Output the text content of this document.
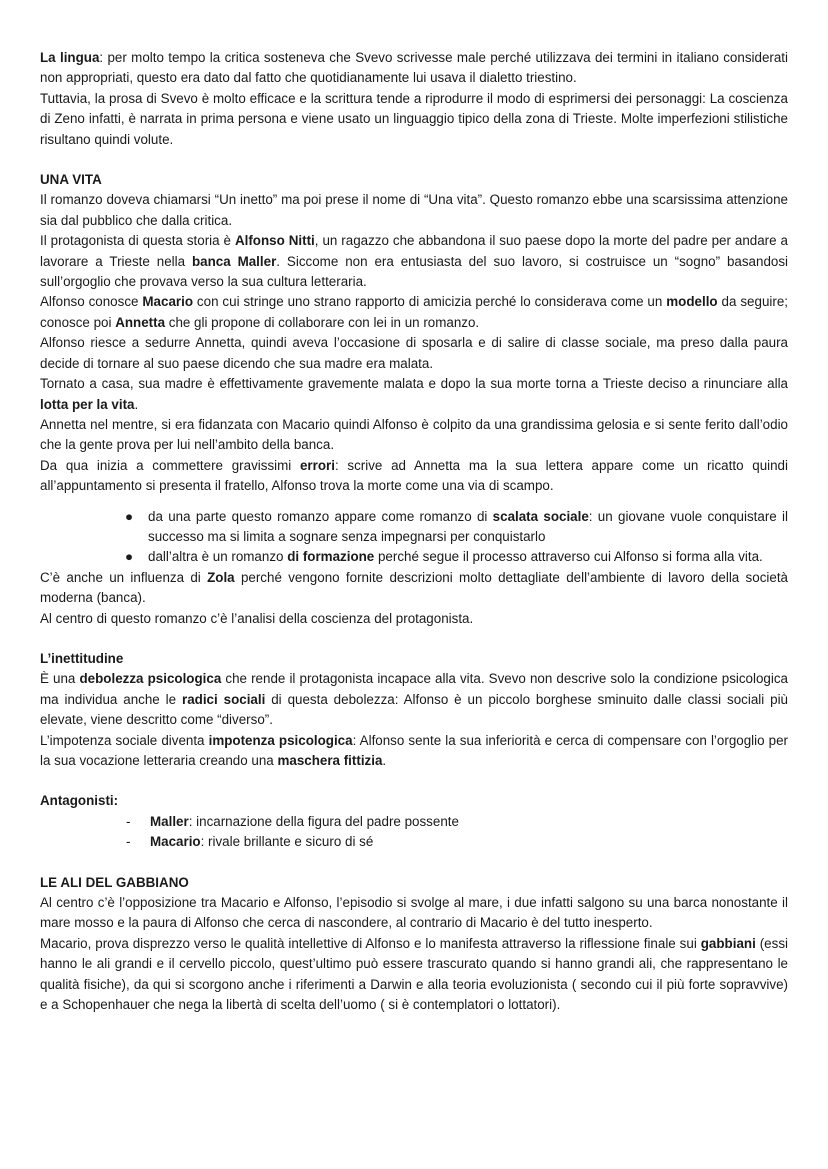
La lingua: per molto tempo la critica sosteneva che Svevo scrivesse male perché utilizzava dei termini in italiano considerati non appropriati, questo era dato dal fatto che quotidianamente lui usava il dialetto triestino.

Tuttavia, la prosa di Svevo è molto efficace e la scrittura tende a riprodurre il modo di esprimersi dei personaggi: La coscienza di Zeno infatti, è narrata in prima persona e viene usato un linguaggio tipico della zona di Trieste. Molte imperfezioni stilistiche risultano quindi volute.

UNA VITA

Il romanzo doveva chiamarsi “Un inetto” ma poi prese il nome di “Una vita”. Questo romanzo ebbe una scarsissima attenzione sia dal pubblico che dalla critica.

Il protagonista di questa storia è Alfonso Nitti, un ragazzo che abbandona il suo paese dopo la morte del padre per andare a lavorare a Trieste nella banca Maller. Siccome non era entusiasta del suo lavoro, si costruisce un “sogno” basandosi sull’orgoglio che provava verso la sua cultura letteraria.

Alfonso conosce Macario con cui stringe uno strano rapporto di amicizia perché lo considerava come un modello da seguire; conosce poi Annetta che gli propone di collaborare con lei in un romanzo.

Alfonso riesce a sedurre Annetta, quindi aveva l’occasione di sposarla e di salire di classe sociale, ma preso dalla paura decide di tornare al suo paese dicendo che sua madre era malata.

Tornato a casa, sua madre è effettivamente gravemente malata e dopo la sua morte torna a Trieste deciso a rinunciare alla lotta per la vita.

Annetta nel mentre, si era fidanzata con Macario quindi Alfonso è colpito da una grandissima gelosia e si sente ferito dall’odio che la gente prova per lui nell’ambito della banca.

Da qua inizia a commettere gravissimi errori: scrive ad Annetta ma la sua lettera appare come un ricatto quindi all’appuntamento si presenta il fratello, Alfonso trova la morte come una via di scampo.

● da una parte questo romanzo appare come romanzo di scalata sociale: un giovane vuole conquistare il successo ma si limita a sognare senza impegnarsi per conquistarlo
● dall’altra è un romanzo di formazione perché segue il processo attraverso cui Alfonso si forma alla vita.

C’è anche un influenza di Zola perché vengono fornite descrizioni molto dettagliate dell’ambiente di lavoro della società moderna (banca).

Al centro di questo romanzo c’è l’analisi della coscienza del protagonista.

L’inettitudine

È una debolezza psicologica che rende il protagonista incapace alla vita. Svevo non descrive solo la condizione psicologica ma individua anche le radici sociali di questa debolezza: Alfonso è un piccolo borghese sminuito dalle classi sociali più elevate, viene descritto come “diverso”.

L’impotenza sociale diventa impotenza psicologica: Alfonso sente la sua inferiorità e cerca di compensare con l’orgoglio per la sua vocazione letteraria creando una maschera fittizia.

Antagonisti:

- Maller: incarnazione della figura del padre possente
- Macario: rivale brillante e sicuro di sé

LE ALI DEL GABBIANO

Al centro c’è l’opposizione tra Macario e Alfonso, l’episodio si svolge al mare, i due infatti salgono su una barca nonostante il mare mosso e la paura di Alfonso che cerca di nascondere, al contrario di Macario è del tutto inesperto.

Macario, prova disprezzo verso le qualità intellettive di Alfonso e lo manifesta attraverso la riflessione finale sui gabbiani (essi hanno le ali grandi e il cervello piccolo, quest’ultimo può essere trascurato quando si hanno grandi ali, che rappresentano le qualità fisiche), da qui si scorgono anche i riferimenti a Darwin e alla teoria evoluzionista ( secondo cui il più forte sopravvive) e a Schopenhauer che nega la libertà di scelta dell’uomo ( si è contemplatori o lottatori).
